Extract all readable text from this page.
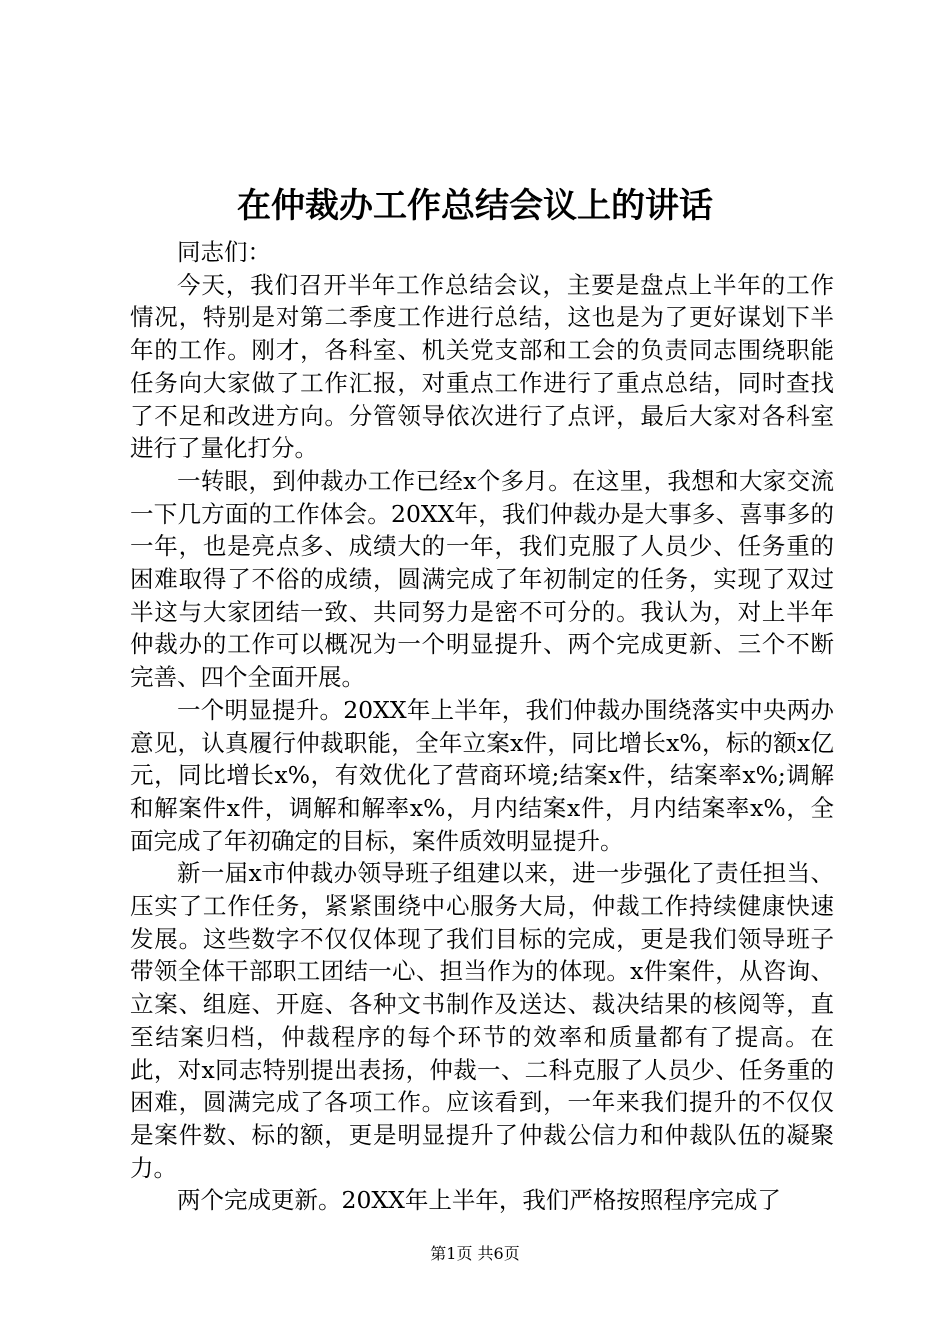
在仲裁办工作总结会议上的讲话

同志们：

今天，我们召开半年工作总结会议，主要是盘点上半年的工作情况，特别是对第二季度工作进行总结，这也是为了更好谋划下半年的工作。刚才，各科室、机关党支部和工会的负责同志围绕职能任务向大家做了工作汇报，对重点工作进行了重点总结，同时查找了不足和改进方向。分管领导依次进行了点评，最后大家对各科室进行了量化打分。

一转眼，到仲裁办工作已经x个多月。在这里，我想和大家交流一下几方面的工作体会。20XX年，我们仲裁办是大事多、喜事多的一年，也是亮点多、成绩大的一年，我们克服了人员少、任务重的困难取得了不俗的成绩，圆满完成了年初制定的任务，实现了双过半这与大家团结一致、共同努力是密不可分的。我认为，对上半年仲裁办的工作可以概况为一个明显提升、两个完成更新、三个不断完善、四个全面开展。

一个明显提升。20XX年上半年，我们仲裁办围绕落实中央两办意见，认真履行仲裁职能，全年立案x件，同比增长x%，标的额x亿元，同比增长x%，有效优化了营商环境;结案x件，结案率x%;调解和解案件x件，调解和解率x%，月内结案x件，月内结案率x%，全面完成了年初确定的目标，案件质效明显提升。

新一届x市仲裁办领导班子组建以来，进一步强化了责任担当、压实了工作任务，紧紧围绕中心服务大局，仲裁工作持续健康快速发展。这些数字不仅仅体现了我们目标的完成，更是我们领导班子带领全体干部职工团结一心、担当作为的体现。x件案件，从咨询、立案、组庭、开庭、各种文书制作及送达、裁决结果的核阅等，直至结案归档，仲裁程序的每个环节的效率和质量都有了提高。在此，对x同志特别提出表扬，仲裁一、二科克服了人员少、任务重的困难，圆满完成了各项工作。应该看到，一年来我们提升的不仅仅是案件数、标的额，更是明显提升了仲裁公信力和仲裁队伍的凝聚力。

两个完成更新。20XX年上半年，我们严格按照程序完成了

第1页 共6页
